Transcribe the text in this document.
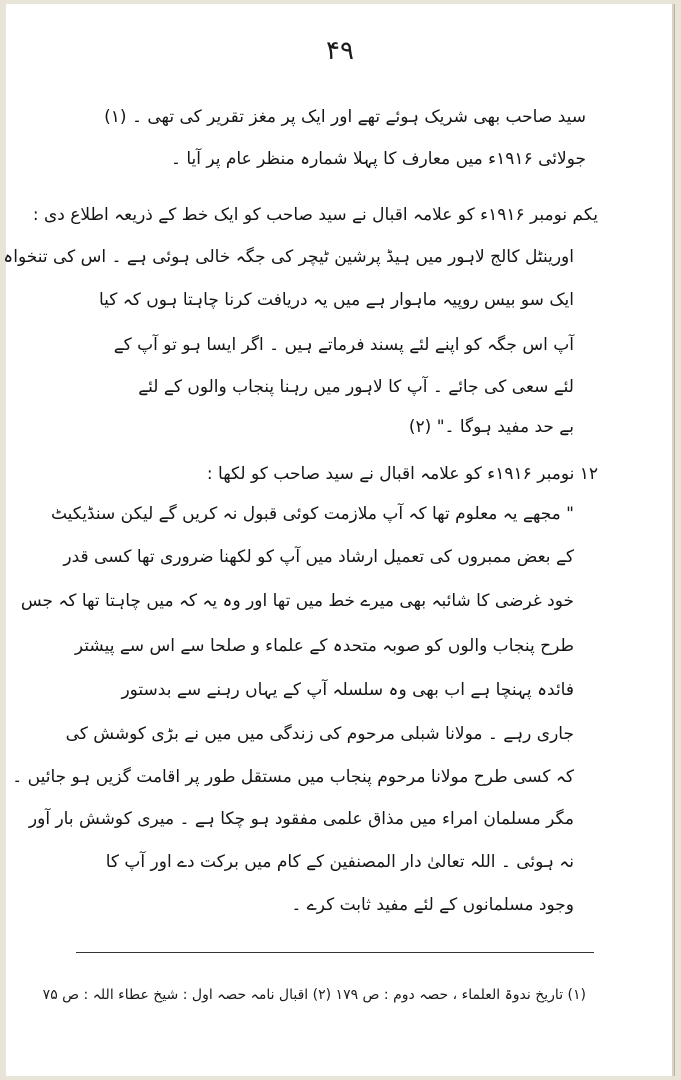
۴۹
سید صاحب بھی شریک ہوئے تھے اور ایک پر مغز تقریر کی تھی ۔ (۱)
جولائی ۱۹۱۶ء میں معارف کا پہلا شمارہ منظر عام پر آیا ۔
یکم نومبر ۱۹۱۶ء کو علامہ اقبال نے سید صاحب کو ایک خط کے ذریعہ اطلاع دی :
اورینٹل کالج لاہور میں ہیڈ پرشین ٹیچر کی جگہ خالی ہوئی ہے ۔ اس کی تنخواہ
ایک سو بیس روپیہ ماہوار ہے میں یہ دریافت کرنا چاہتا ہوں کہ کیا
آپ اس جگہ کو اپنے لئے پسند فرماتے ہیں ۔ اگر ایسا ہو تو آپ کے
لئے سعی کی جائے ۔ آپ کا لاہور میں رہنا پنجاب والوں کے لئے
بے حد مفید ہوگا ۔" (۲)
۱۲ نومبر ۱۹۱۶ء کو علامہ اقبال نے سید صاحب کو لکھا :
" مجھے یہ معلوم تھا کہ آپ ملازمت کوئی قبول نہ کریں گے لیکن سنڈیکیٹ
کے بعض ممبروں کی تعمیل ارشاد میں آپ کو لکھنا ضروری تھا کسی قدر
خود غرضی کا شائبہ بھی میرے خط میں تھا اور وہ یہ کہ میں چاہتا تھا کہ جس
طرح پنجاب والوں کو صوبہ متحدہ کے علماء و صلحا سے اس سے پیشتر
فائدہ پہنچا ہے اب بھی وہ سلسلہ آپ کے یہاں رہنے سے بدستور
جاری رہے ۔ مولانا شبلی مرحوم کی زندگی میں میں نے بڑی کوشش کی
کہ کسی طرح مولانا مرحوم پنجاب میں مستقل طور پر اقامت گزیں ہو جائیں ۔
مگر مسلمان امراء میں مذاق علمی مفقود ہو چکا ہے ۔ میری کوشش بار آور
نہ ہوئی ۔ اللہ تعالیٰ دار المصنفین کے کام میں برکت دے اور آپ کا
وجود مسلمانوں کے لئے مفید ثابت کرے ۔
(۱) تاریخ ندوۃ العلماء ، حصہ دوم : ص ۱۷۹ (۲) اقبال نامہ حصہ اول : شیخ عطاء اللہ : ص ۷۵
